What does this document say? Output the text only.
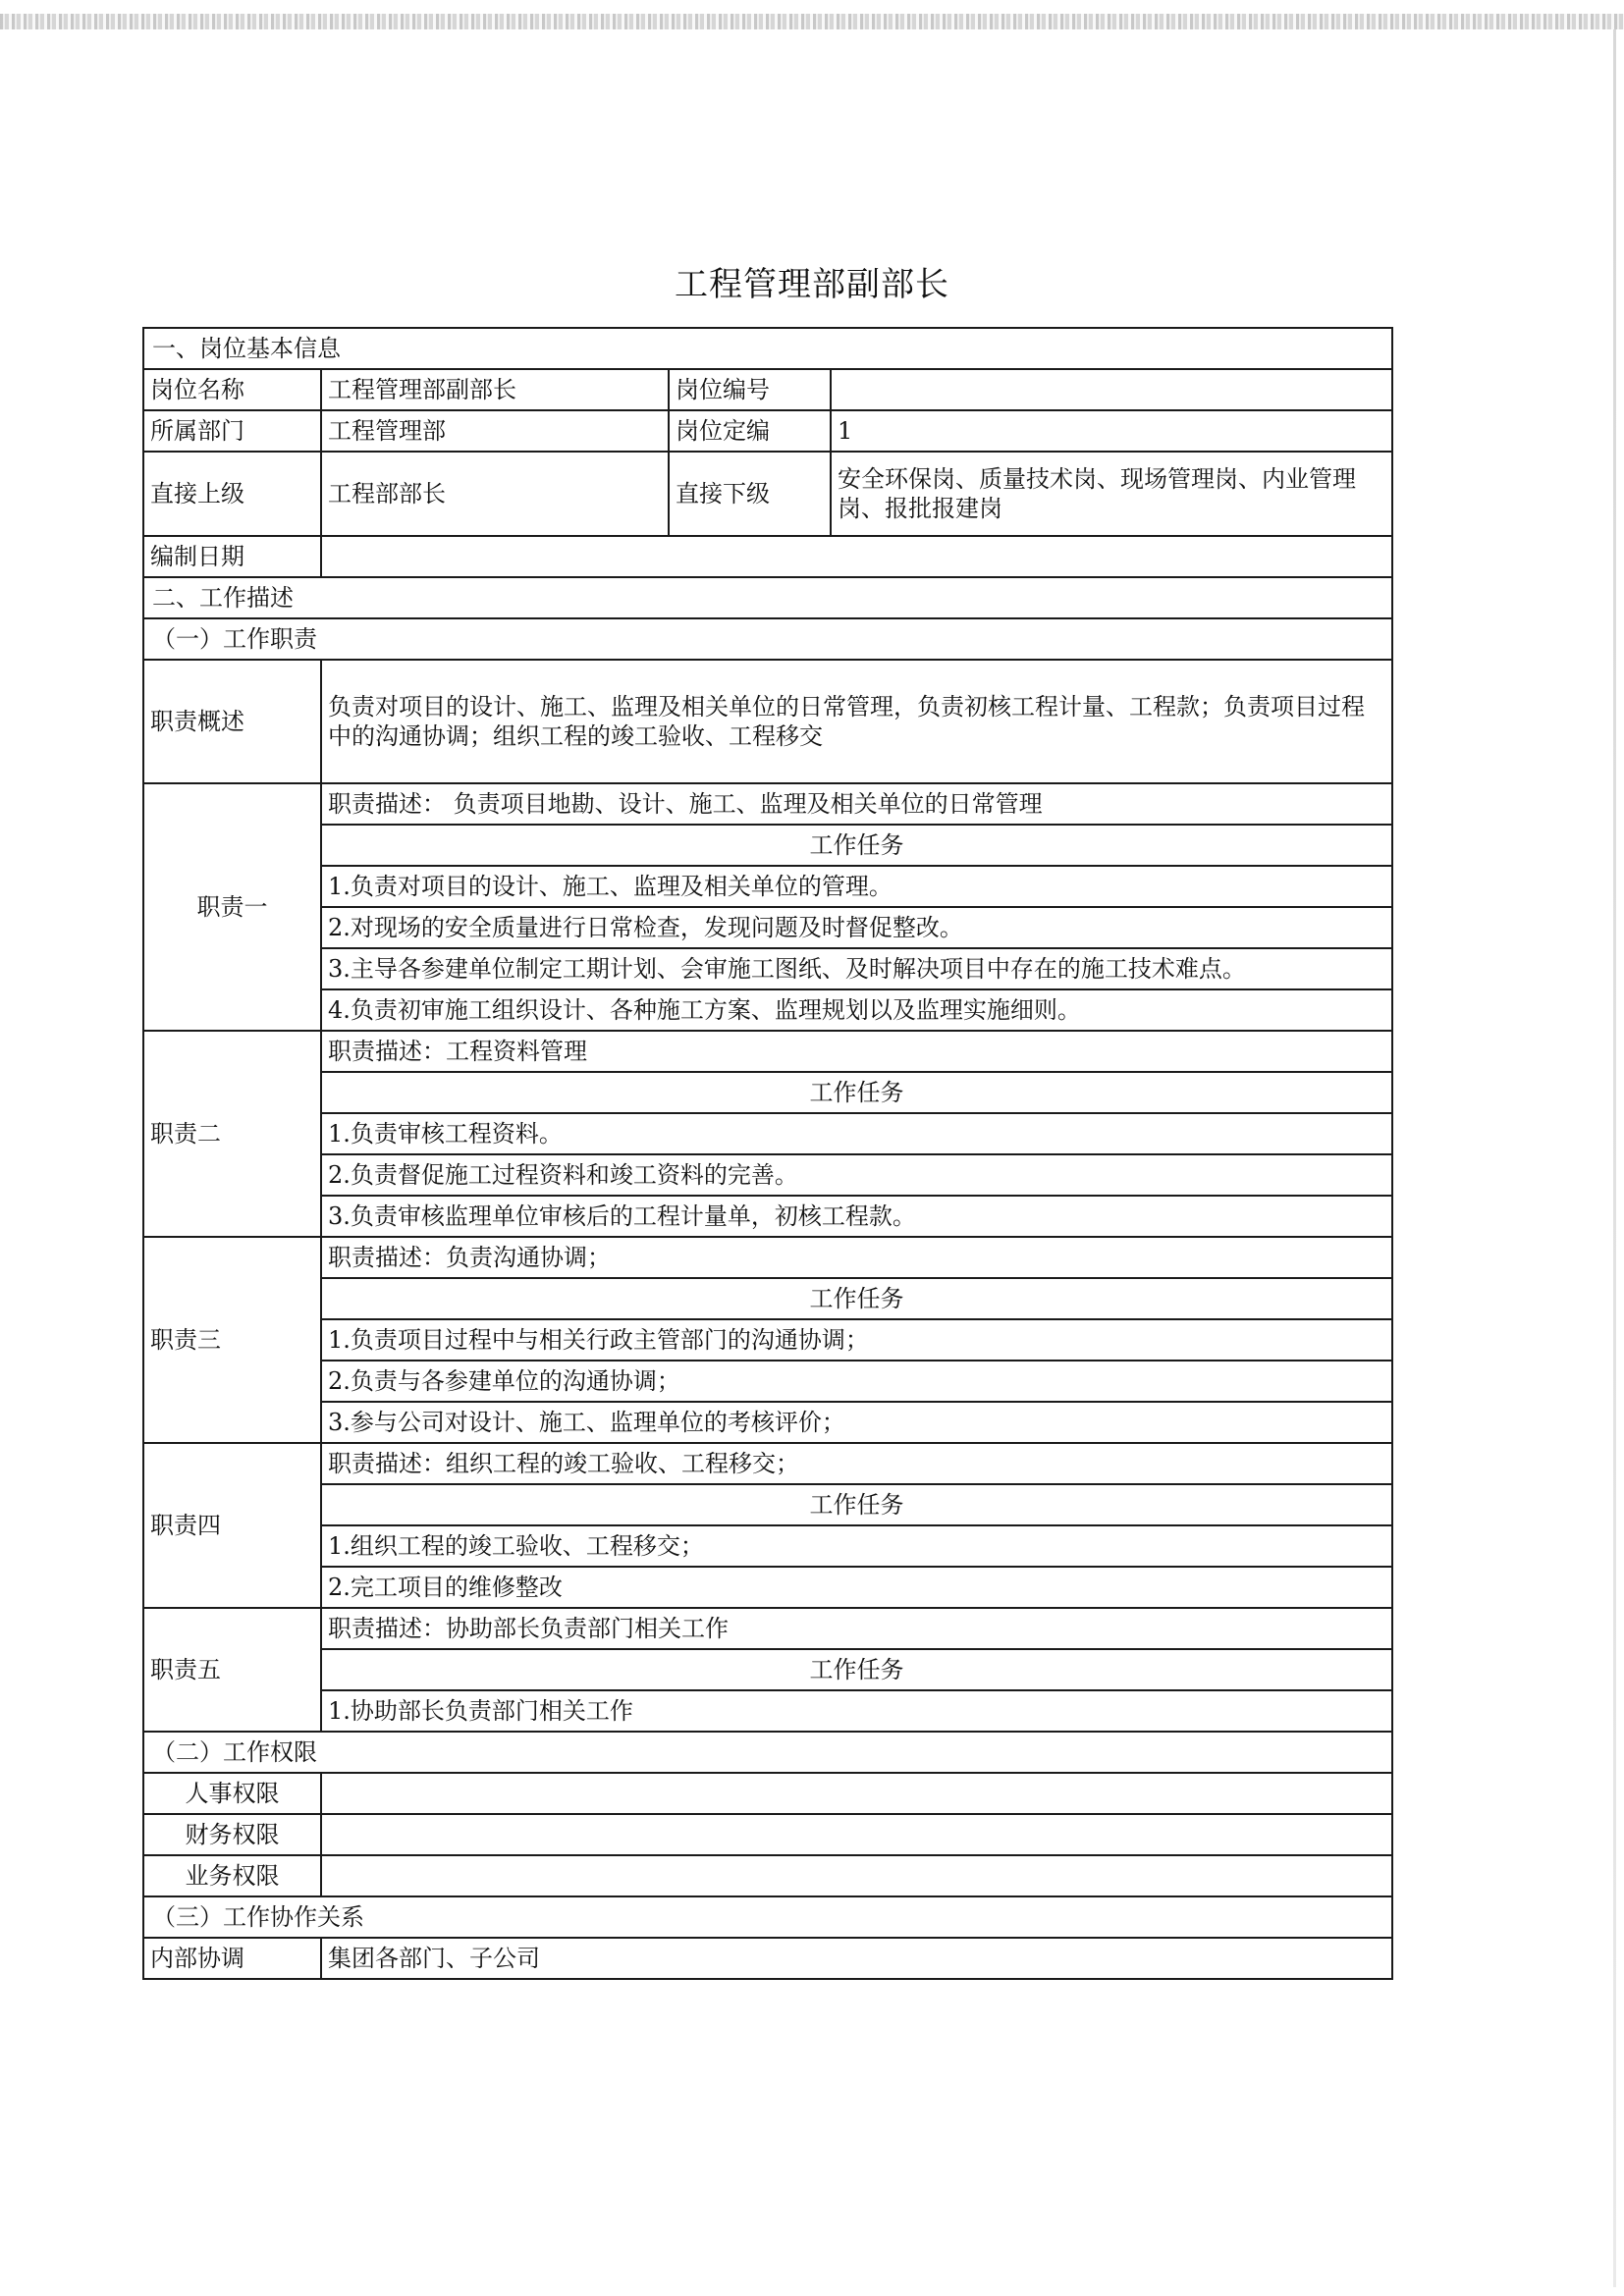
工程管理部副部长
一、岗位基本信息			
岗位名称	工程管理部副部长	岗位编号	
所属部门	工程管理部	岗位定编	1
直接上级	工程部部长	直接下级	安全环保岗、质量技术岗、现场管理岗、内业管理岗、报批报建岗
编制日期			
二、工作描述			
（一）工作职责			
职责概述	负责对项目的设计、施工、监理及相关单位的日常管理，负责初核工程计量、工程款；负责项目过程中的沟通协调；组织工程的竣工验收、工程移交		
职责一	职责描述： 负责项目地勘、设计、施工、监理及相关单位的日常管理		
	工作任务		
	1.负责对项目的设计、施工、监理及相关单位的管理。		
	2.对现场的安全质量进行日常检查，发现问题及时督促整改。		
	3.主导各参建单位制定工期计划、会审施工图纸、及时解决项目中存在的施工技术难点。		
	4.负责初审施工组织设计、各种施工方案、监理规划以及监理实施细则。		
职责二	职责描述：工程资料管理		
	工作任务		
	1.负责审核工程资料。		
	2.负责督促施工过程资料和竣工资料的完善。		
	3.负责审核监理单位审核后的工程计量单，初核工程款。		
职责三	职责描述：负责沟通协调；		
	工作任务		
	1.负责项目过程中与相关行政主管部门的沟通协调；		
	2.负责与各参建单位的沟通协调；		
	3.参与公司对设计、施工、监理单位的考核评价；		
职责四	职责描述：组织工程的竣工验收、工程移交；		
	工作任务		
	1.组织工程的竣工验收、工程移交；		
	2.完工项目的维修整改		
职责五	职责描述：协助部长负责部门相关工作		
	工作任务		
	1.协助部长负责部门相关工作		
（二）工作权限			
人事权限			
财务权限			
业务权限			
（三）工作协作关系			
内部协调	集团各部门、子公司		
